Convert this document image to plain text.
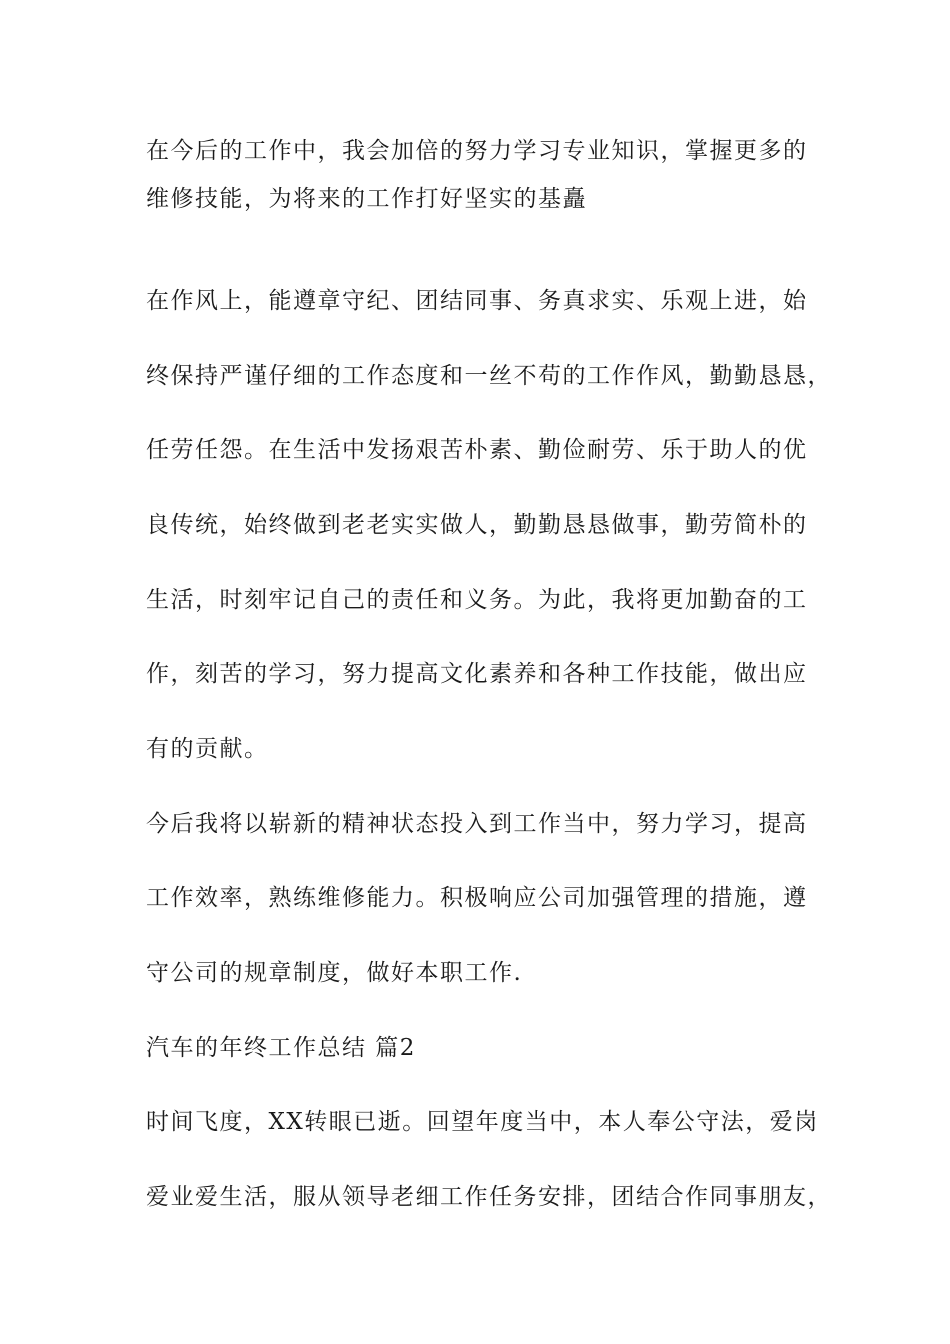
在今后的工作中，我会加倍的努力学习专业知识，掌握更多的
维修技能，为将来的工作打好坚实的基矗
在作风上，能遵章守纪、团结同事、务真求实、乐观上进，始
终保持严谨仔细的工作态度和一丝不苟的工作作风，勤勤恳恳，
任劳任怨。在生活中发扬艰苦朴素、勤俭耐劳、乐于助人的优
良传统，始终做到老老实实做人，勤勤恳恳做事，勤劳简朴的
生活，时刻牢记自己的责任和义务。为此，我将更加勤奋的工
作，刻苦的学习，努力提高文化素养和各种工作技能，做出应
有的贡献。
今后我将以崭新的精神状态投入到工作当中，努力学习，提高
工作效率，熟练维修能力。积极响应公司加强管理的措施，遵
守公司的规章制度，做好本职工作.
汽车的年终工作总结 篇2
时间飞度，XX转眼已逝。回望年度当中，本人奉公守法，爱岗
爱业爱生活，服从领导老细工作任务安排，团结合作同事朋友，
